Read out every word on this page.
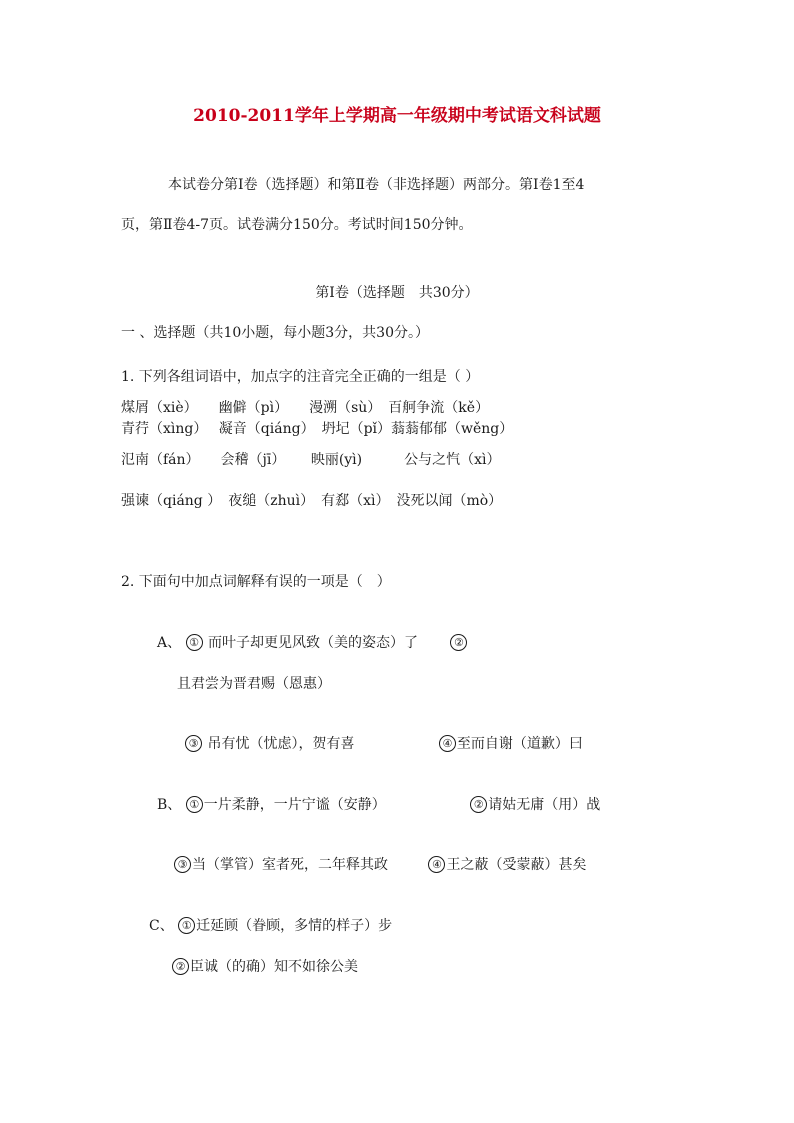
2010-2011学年上学期高一年级期中考试语文科试题
本试卷分第Ⅰ卷（选择题）和第Ⅱ卷（非选择题）两部分。第Ⅰ卷1至4
页，第Ⅱ卷4-7页。试卷满分150分。考试时间150分钟。
第I卷（选择题　共30分）
一 、选择题（共10小题，每小题3分，共30分。）
1. 下列各组词语中，加点字的注音完全正确的一组是（ ）
煤屑（xiè）　　幽僻（pì）　　漫溯（sù）　百舸争流（kě）
青荇（xìng）　 凝音（qiáng）　坍圮（pǐ）蓊蓊郁郁（wěng）
氾南（fán）　　会稽（jī）　　 映丽(yì)　　　公与之忾（xì）
强谏（qiáng ）　夜缒（zhuì）　有郄（xì）　没死以闻（mò）
2. 下面句中加点词解释有误的一项是（　）
A、 ① 而叶子却更见风致（美的姿态）了	②
且君尝为晋君赐（恩惠）
③ 吊有忧（忧虑），贺有喜	④ 至而自谢（道歉）曰
B、 ① 一片柔静，一片宁谧（安静）	② 请姑无庸（用）战
③ 当（掌管）室者死，二年释其政	④ 王之蔽（受蒙蔽）甚矣
C、 ① 迁延顾（眷顾，多情的样子）步
② 臣诚（的确）知不如徐公美
